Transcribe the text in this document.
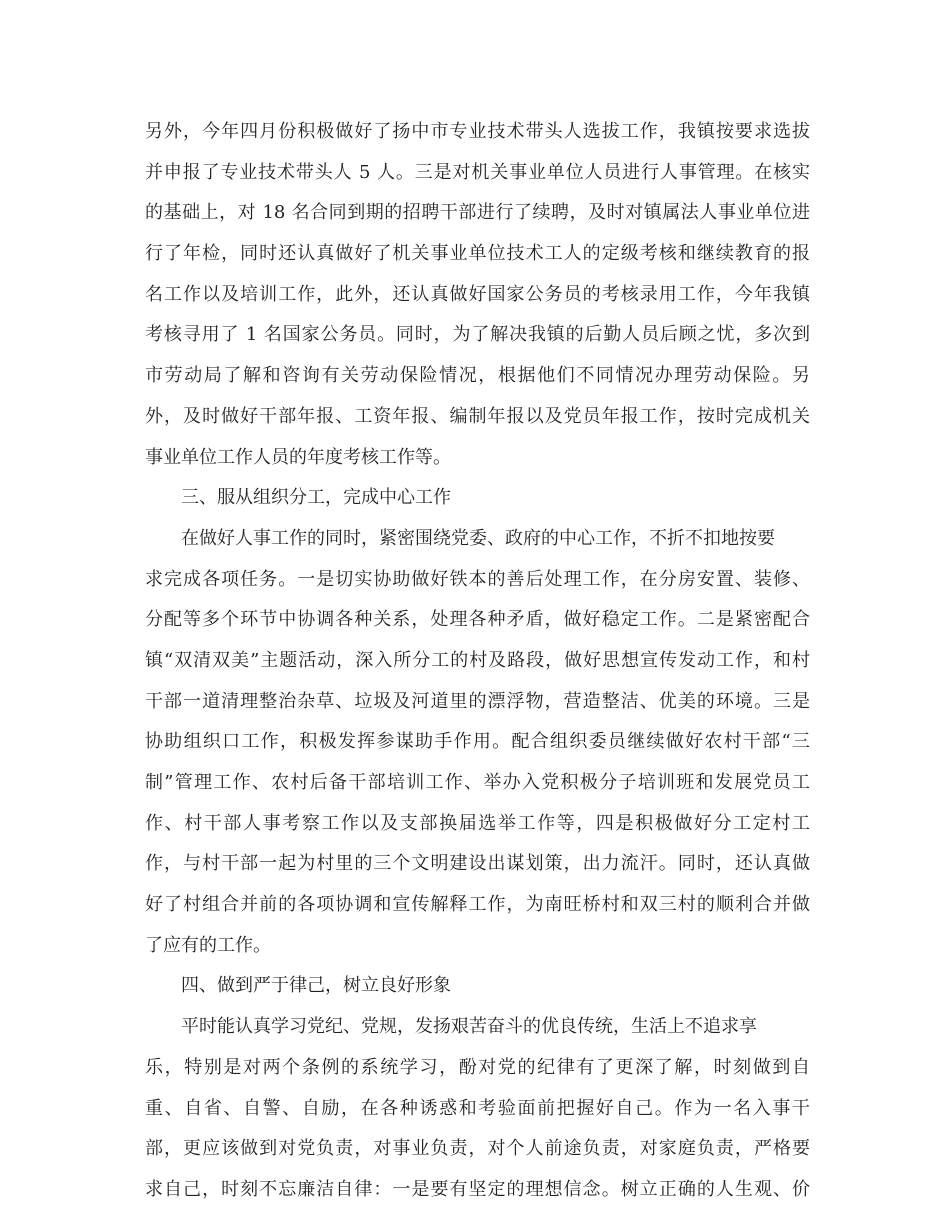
另外，今年四月份积极做好了扬中市专业技术带头人选拔工作，我镇按要求选拔
并申报了专业技术带头人 5 人。三是对机关事业单位人员进行人事管理。在核实
的基础上，对 18 名合同到期的招聘干部进行了续聘，及时对镇属法人事业单位进
行了年检，同时还认真做好了机关事业单位技术工人的定级考核和继续教育的报
名工作以及培训工作，此外，还认真做好国家公务员的考核录用工作，今年我镇
考核寻用了 1 名国家公务员。同时，为了解决我镇的后勤人员后顾之忧，多次到
市劳动局了解和咨询有关劳动保险情况，根据他们不同情况办理劳动保险。另
外，及时做好干部年报、工资年报、编制年报以及党员年报工作，按时完成机关
事业单位工作人员的年度考核工作等。
三、服从组织分工，完成中心工作
在做好人事工作的同时，紧密围绕党委、政府的中心工作，不折不扣地按要
求完成各项任务。一是切实协助做好铁本的善后处理工作，在分房安置、装修、
分配等多个环节中协调各种关系，处理各种矛盾，做好稳定工作。二是紧密配合
镇“双清双美”主题活动，深入所分工的村及路段，做好思想宣传发动工作，和村
干部一道清理整治杂草、垃圾及河道里的漂浮物，营造整洁、优美的环境。三是
协助组织口工作，积极发挥参谋助手作用。配合组织委员继续做好农村干部“三
制”管理工作、农村后备干部培训工作、举办入党积极分子培训班和发展党员工
作、村干部人事考察工作以及支部换届选举工作等，四是积极做好分工定村工
作，与村干部一起为村里的三个文明建设出谋划策，出力流汗。同时，还认真做
好了村组合并前的各项协调和宣传解释工作，为南旺桥村和双三村的顺利合并做
了应有的工作。
四、做到严于律己，树立良好形象
平时能认真学习党纪、党规，发扬艰苦奋斗的优良传统，生活上不追求享
乐，特别是对两个条例的系统学习，酚对党的纪律有了更深了解，时刻做到自
重、自省、自警、自励，在各种诱惑和考验面前把握好自己。作为一名入事干
部，更应该做到对党负责，对事业负责，对个人前途负责，对家庭负责，严格要
求自己，时刻不忘廉洁自律：一是要有坚定的理想信念。树立正确的人生观、价
